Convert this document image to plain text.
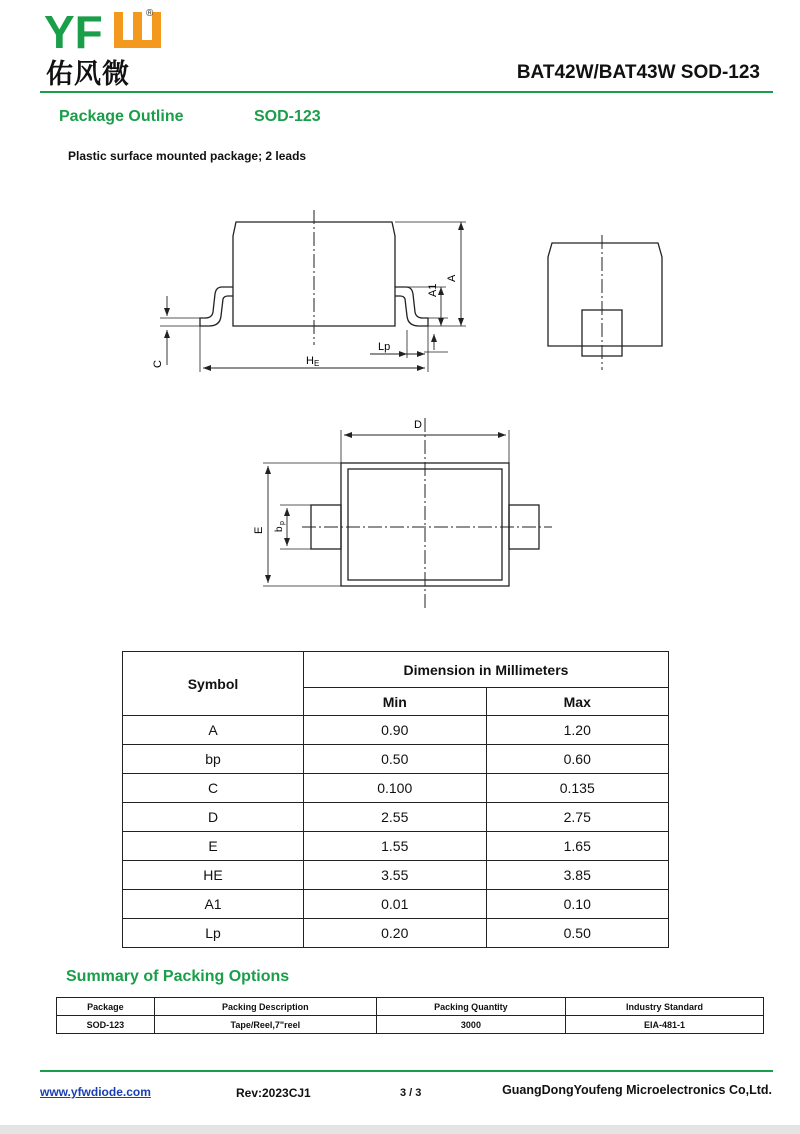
YF	®
佑风微	BAT42W/BAT43W SOD-123
Package Outline	SOD-123
Plastic surface mounted package; 2 leads
A
A1
C	H E
Lp
D
E b
p
Symbol	Dimension in Millimeters	
	Min	Max
A	0.90	1.20
bp	0.50	0.60
C	0.100	0.135
D	2.55	2.75
E	1.55	1.65
HE	3.55	3.85
A1	0.01	0.10
Lp	0.20	0.50
Summary of Packing Options
Package	Packing Description	Packing Quantity	Industry Standard
SOD-123	Tape/Reel,7"reel	3000	EIA-481-1
www.yfwdiode.com	Rev:2023CJ1	3 / 3	GuangDongYoufeng Microelectronics Co,Ltd.
